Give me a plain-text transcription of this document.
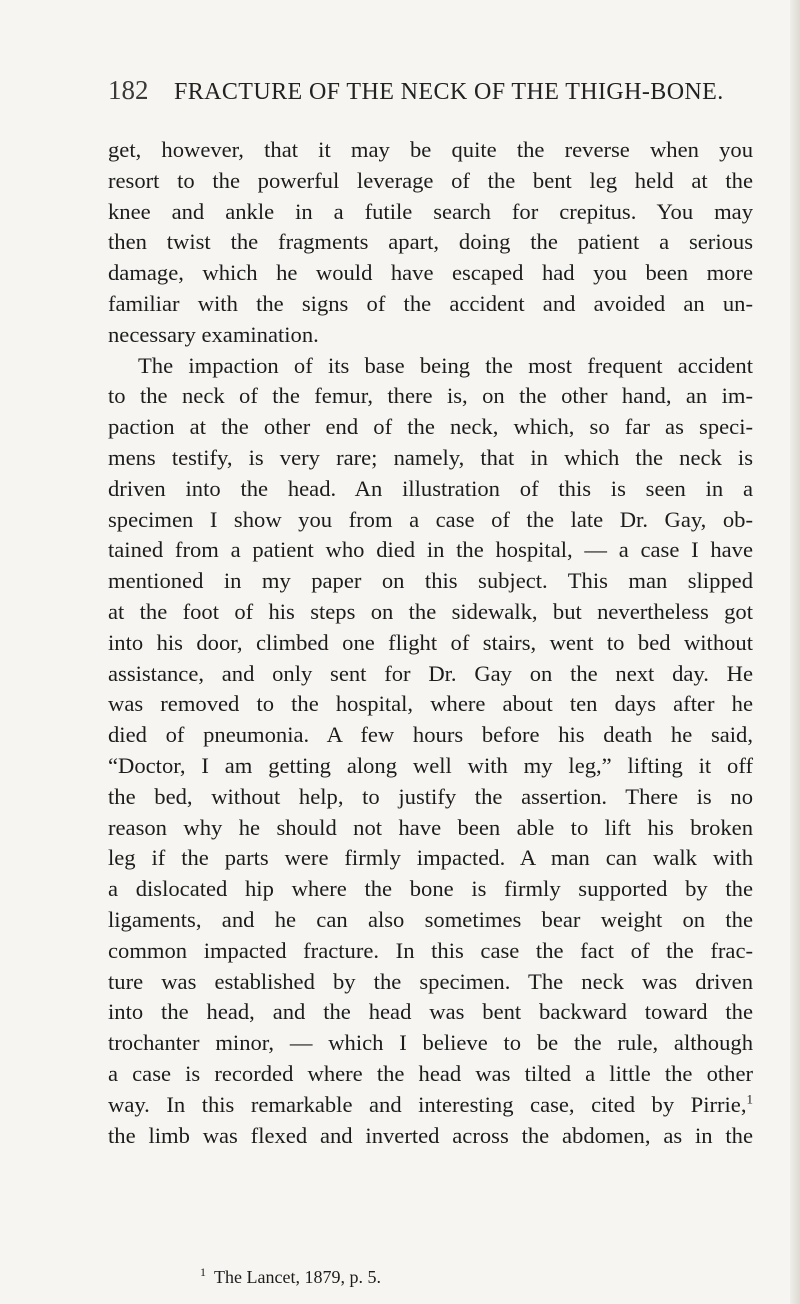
182 FRACTURE OF THE NECK OF THE THIGH-BONE.
get, however, that it may be quite the reverse when you
resort to the powerful leverage of the bent leg held at the
knee and ankle in a futile search for crepitus. You may
then twist the fragments apart, doing the patient a serious
damage, which he would have escaped had you been more
familiar with the signs of the accident and avoided an un-
necessary examination.
The impaction of its base being the most frequent accident
to the neck of the femur, there is, on the other hand, an im-
paction at the other end of the neck, which, so far as speci-
mens testify, is very rare; namely, that in which the neck is
driven into the head. An illustration of this is seen in a
specimen I show you from a case of the late Dr. Gay, ob-
tained from a patient who died in the hospital, — a case I have
mentioned in my paper on this subject. This man slipped
at the foot of his steps on the sidewalk, but nevertheless got
into his door, climbed one flight of stairs, went to bed without
assistance, and only sent for Dr. Gay on the next day. He
was removed to the hospital, where about ten days after he
died of pneumonia. A few hours before his death he said,
“Doctor, I am getting along well with my leg,” lifting it off
the bed, without help, to justify the assertion. There is no
reason why he should not have been able to lift his broken
leg if the parts were firmly impacted. A man can walk with
a dislocated hip where the bone is firmly supported by the
ligaments, and he can also sometimes bear weight on the
common impacted fracture. In this case the fact of the frac-
ture was established by the specimen. The neck was driven
into the head, and the head was bent backward toward the
trochanter minor, — which I believe to be the rule, although
a case is recorded where the head was tilted a little the other
way. In this remarkable and interesting case, cited by Pirrie,$^1$
the limb was flexed and inverted across the abdomen, as in the
$^1$ The Lancet, 1879, p. 5.
